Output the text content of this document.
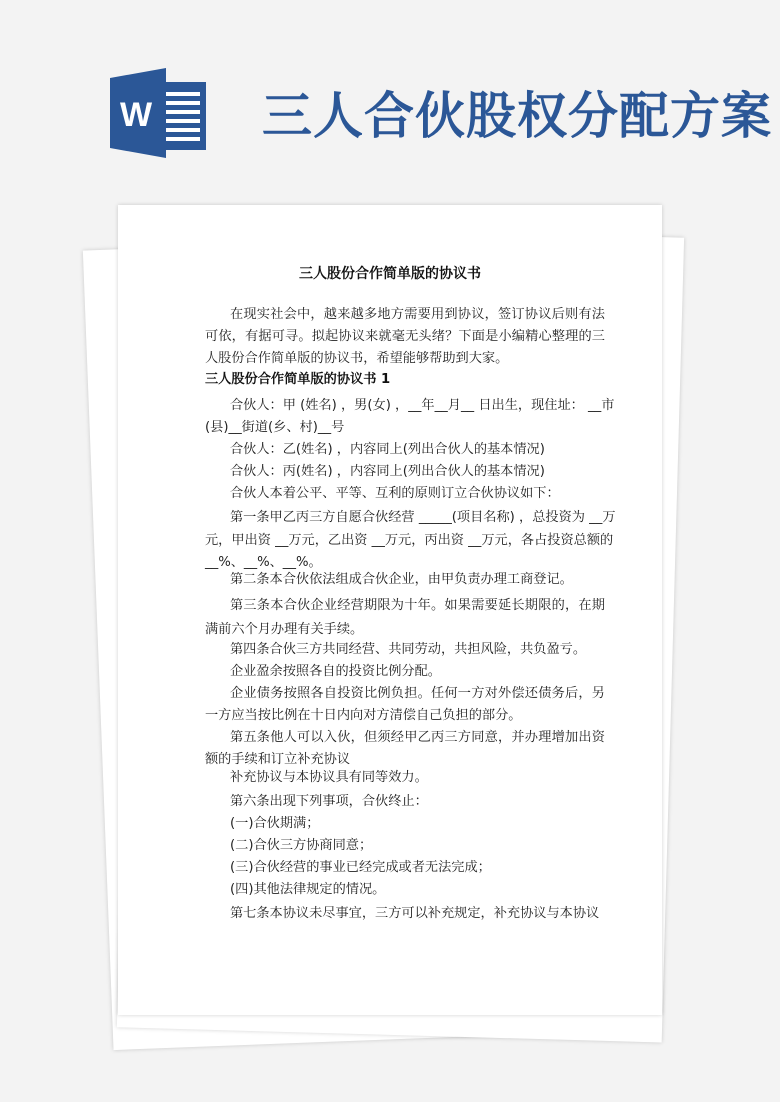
W 三人合伙股权分配方案
三人股份合作简单版的协议书
在现实社会中，越来越多地方需要用到协议，签订协议后则有法
可依，有据可寻。拟起协议来就毫无头绪？下面是小编精心整理的三
人股份合作简单版的协议书，希望能够帮助到大家。
三人股份合作简单版的协议书 1
合伙人：甲 (姓名) ，男(女) ，__年__月__ 日出生，现住址： __市
(县)__街道(乡、村)__号
合伙人：乙(姓名) ，内容同上(列出合伙人的基本情况)
合伙人：丙(姓名) ，内容同上(列出合伙人的基本情况)
合伙人本着公平、平等、互利的原则订立合伙协议如下：
第一条甲乙丙三方自愿合伙经营 _____(项目名称) ，总投资为 __万
元，甲出资 __万元，乙出资 __万元，丙出资 __万元，各占投资总额的
__%、__%、__%。
第二条本合伙依法组成合伙企业，由甲负责办理工商登记。
第三条本合伙企业经营期限为十年。如果需要延长期限的，在期
满前六个月办理有关手续。
第四条合伙三方共同经营、共同劳动，共担风险，共负盈亏。
企业盈余按照各自的投资比例分配。
企业债务按照各自投资比例负担。任何一方对外偿还债务后，另
一方应当按比例在十日内向对方清偿自己负担的部分。
第五条他人可以入伙，但须经甲乙丙三方同意，并办理增加出资
额的手续和订立补充协议
补充协议与本协议具有同等效力。
第六条出现下列事项，合伙终止：
(一)合伙期满；
(二)合伙三方协商同意；
(三)合伙经营的事业已经完成或者无法完成；
(四)其他法律规定的情况。
第七条本协议未尽事宜，三方可以补充规定，补充协议与本协议
